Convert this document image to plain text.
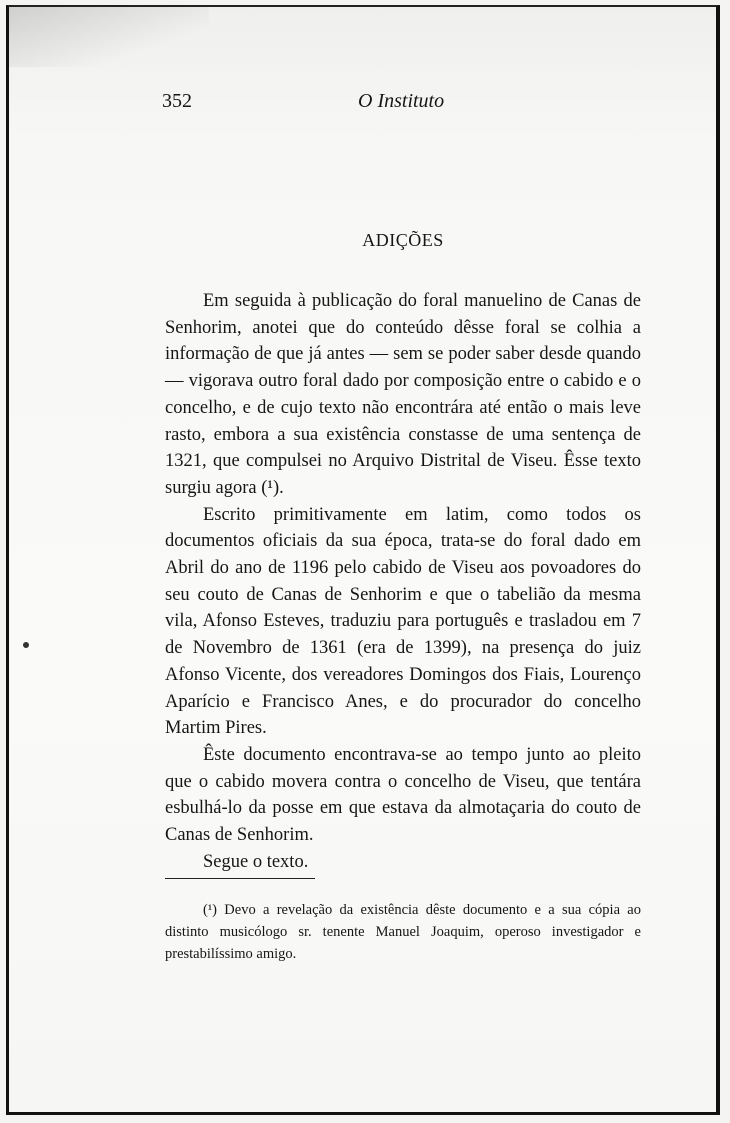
352	O Instituto
ADIÇÕES

Em seguida à publicação do foral manuelino de Canas de Senhorim, anotei que do conteúdo dêsse foral se colhia a informação de que já antes — sem se poder saber desde quando — vigorava outro foral dado por composição entre o cabido e o concelho, e de cujo texto não encontrára até então o mais leve rasto, embora a sua existência constasse de uma sentença de 1321, que compulsei no Arquivo Distrital de Viseu. Êsse texto surgiu agora (¹).

Escrito primitivamente em latim, como todos os documentos oficiais da sua época, trata-se do foral dado em Abril do ano de 1196 pelo cabido de Viseu aos povoadores do seu couto de Canas de Senhorim e que o tabelião da mesma vila, Afonso Esteves, traduziu para português e trasladou em 7 de Novembro de 1361 (era de 1399), na presença do juiz Afonso Vicente, dos vereadores Domingos dos Fiais, Lourenço Aparício e Francisco Anes, e do procurador do concelho Martim Pires.

Êste documento encontrava-se ao tempo junto ao pleito que o cabido movera contra o concelho de Viseu, que tentára esbulhá-lo da posse em que estava da almotaçaria do couto de Canas de Senhorim.

Segue o texto.

(¹) Devo a revelação da existência dêste documento e a sua cópia ao distinto musicólogo sr. tenente Manuel Joaquim, operoso investigador e prestabilíssimo amigo.
